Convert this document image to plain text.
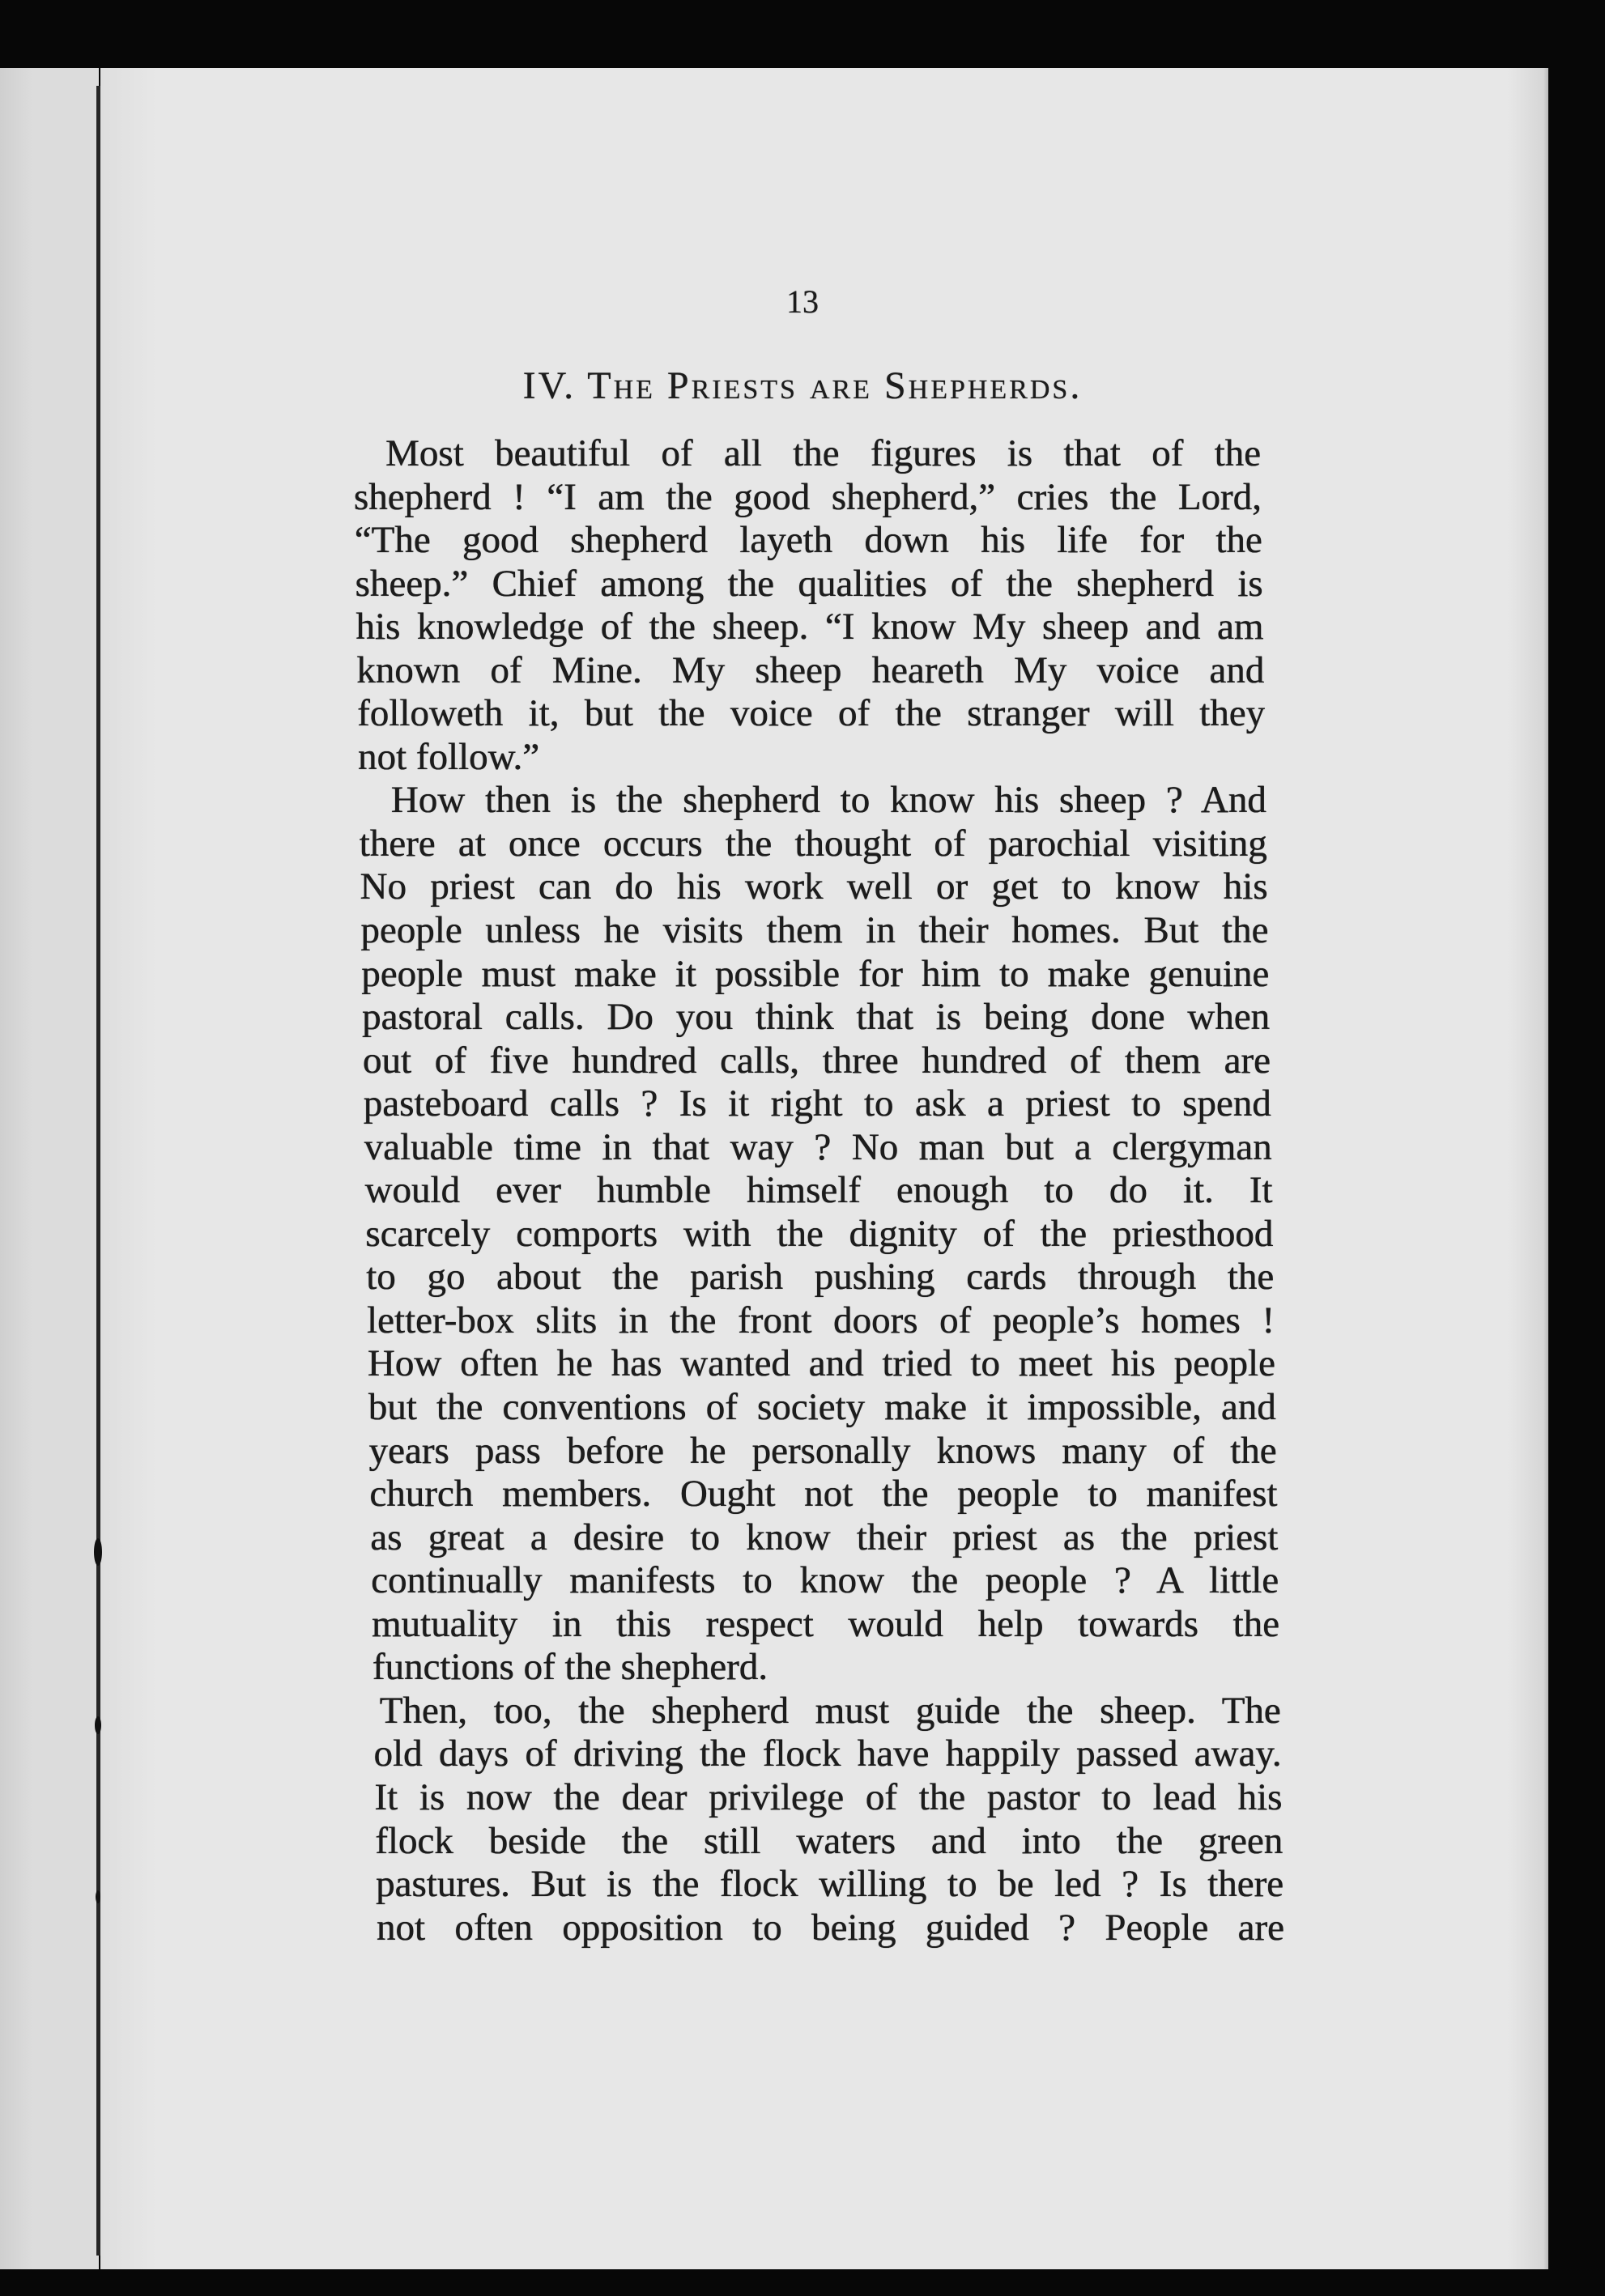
13
IV. The Priests are Shepherds.
Most beautiful of all the figures is that of the
shepherd ! “I am the good shepherd,” cries the Lord,
“The good shepherd layeth down his life for the
sheep.” Chief among the qualities of the shepherd is
his knowledge of the sheep. “I know My sheep and am
known of Mine. My sheep heareth My voice and
followeth it, but the voice of the stranger will they
not follow.”
How then is the shepherd to know his sheep ? And
there at once occurs the thought of parochial visiting
No priest can do his work well or get to know his
people unless he visits them in their homes. But the
people must make it possible for him to make genuine
pastoral calls. Do you think that is being done when
out of five hundred calls, three hundred of them are
pasteboard calls ? Is it right to ask a priest to spend
valuable time in that way ? No man but a clergyman
would ever humble himself enough to do it. It
scarcely comports with the dignity of the priesthood
to go about the parish pushing cards through the
letter-box slits in the front doors of people’s homes !
How often he has wanted and tried to meet his people
but the conventions of society make it impossible, and
years pass before he personally knows many of the
church members. Ought not the people to manifest
as great a desire to know their priest as the priest
continually manifests to know the people ? A little
mutuality in this respect would help towards the
functions of the shepherd.
Then, too, the shepherd must guide the sheep. The
old days of driving the flock have happily passed away.
It is now the dear privilege of the pastor to lead his
flock beside the still waters and into the green
pastures. But is the flock willing to be led ? Is there
not often opposition to being guided ? People are
